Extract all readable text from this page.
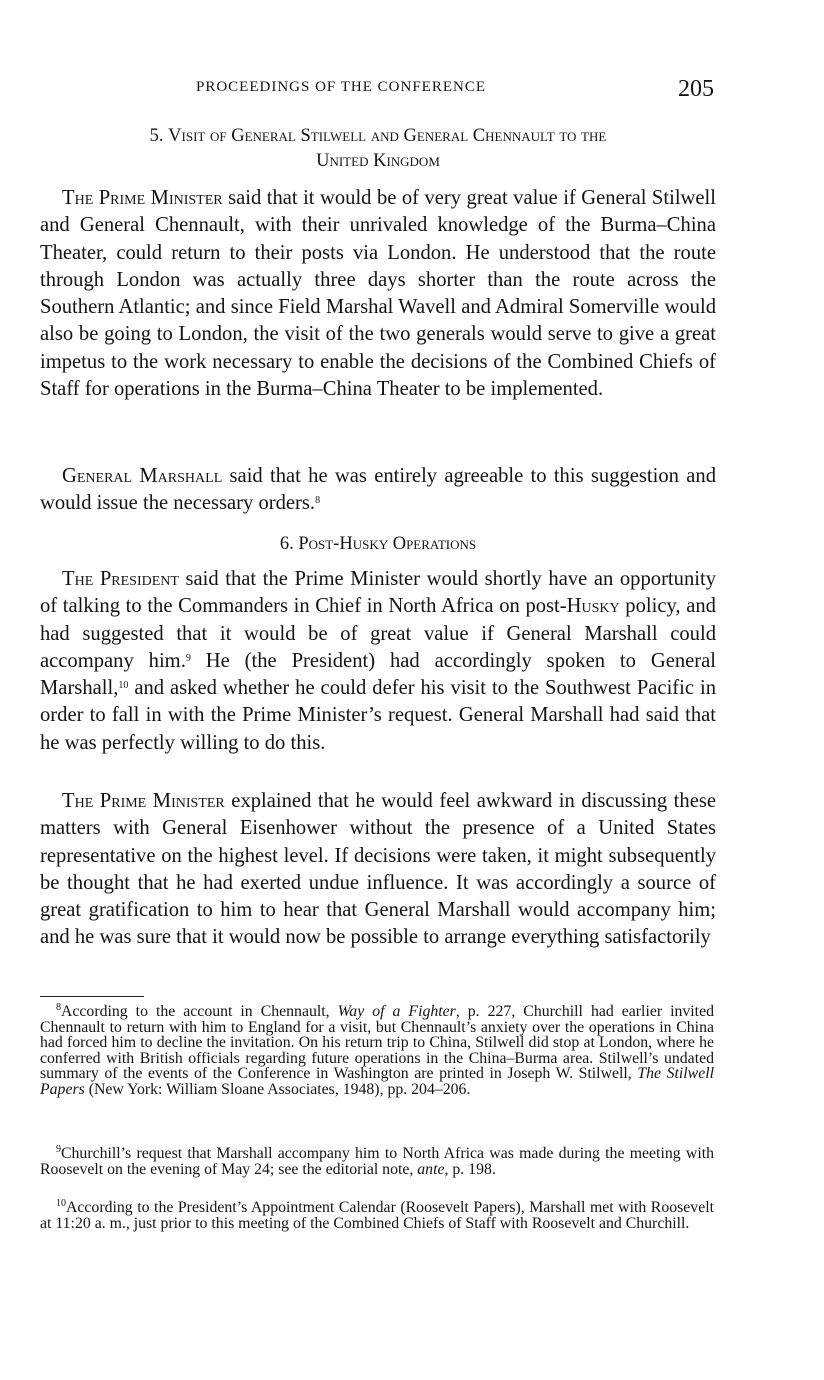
PROCEEDINGS OF THE CONFERENCE	205
5. Visit of General Stilwell and General Chennault to the
United Kingdom

The Prime Minister said that it would be of very great value if General Stilwell and General Chennault, with their unrivaled knowledge of the Burma–China Theater, could return to their posts via London. He understood that the route through London was actually three days shorter than the route across the Southern Atlantic; and since Field Marshal Wavell and Admiral Somerville would also be going to London, the visit of the two generals would serve to give a great impetus to the work necessary to enable the decisions of the Combined Chiefs of Staff for operations in the Burma–China Theater to be implemented.

General Marshall said that he was entirely agreeable to this suggestion and would issue the necessary orders.$^8$

6. Post-Husky Operations

The President said that the Prime Minister would shortly have an opportunity of talking to the Commanders in Chief in North Africa on post-Husky policy, and had suggested that it would be of great value if General Marshall could accompany him.$^9$ He (the President) had accordingly spoken to General Marshall,$^{10}$ and asked whether he could defer his visit to the Southwest Pacific in order to fall in with the Prime Minister’s request. General Marshall had said that he was perfectly willing to do this.

The Prime Minister explained that he would feel awkward in discussing these matters with General Eisenhower without the presence of a United States representative on the highest level. If decisions were taken, it might subsequently be thought that he had exerted undue influence. It was accordingly a source of great gratification to him to hear that General Marshall would accompany him; and he was sure that it would now be possible to arrange everything satisfactorily

$^8$According to the account in Chennault, Way of a Fighter, p. 227, Churchill had earlier invited Chennault to return with him to England for a visit, but Chennault’s anxiety over the operations in China had forced him to decline the invitation. On his return trip to China, Stilwell did stop at London, where he conferred with British officials regarding future operations in the China–Burma area. Stilwell’s undated summary of the events of the Conference in Washington are printed in Joseph W. Stilwell, The Stilwell Papers (New York: William Sloane Associates, 1948), pp. 204–206.

$^9$Churchill’s request that Marshall accompany him to North Africa was made during the meeting with Roosevelt on the evening of May 24; see the editorial note, ante, p. 198.

$^{10}$According to the President’s Appointment Calendar (Roosevelt Papers), Marshall met with Roosevelt at 11:20 a. m., just prior to this meeting of the Combined Chiefs of Staff with Roosevelt and Churchill.
